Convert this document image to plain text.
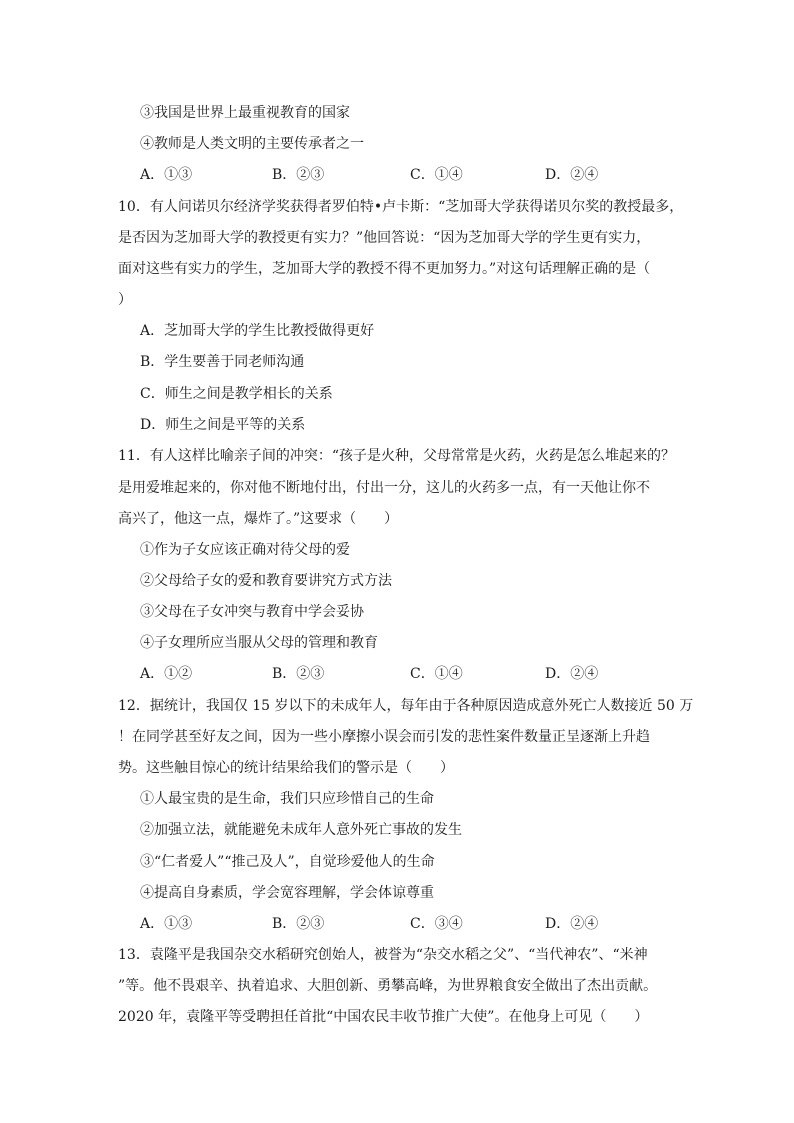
③我国是世界上最重视教育的国家
④教师是人类文明的主要传承者之一
A．①③	B．②③	C．①④	D．②④
10．有人问诺贝尔经济学奖获得者罗伯特•卢卡斯：“芝加哥大学获得诺贝尔奖的教授最多，
是否因为芝加哥大学的教授更有实力？”他回答说：“因为芝加哥大学的学生更有实力，
面对这些有实力的学生，芝加哥大学的教授不得不更加努力。”对这句话理解正确的是（
）
A．芝加哥大学的学生比教授做得更好
B．学生要善于同老师沟通
C．师生之间是教学相长的关系
D．师生之间是平等的关系
11．有人这样比喻亲子间的冲突：“孩子是火种，父母常常是火药，火药是怎么堆起来的？
是用爱堆起来的，你对他不断地付出，付出一分，这儿的火药多一点，有一天他让你不
高兴了，他这一点，爆炸了。”这要求（　　）
①作为子女应该正确对待父母的爱
②父母给子女的爱和教育要讲究方式方法
③父母在子女冲突与教育中学会妥协
④子女理所应当服从父母的管理和教育
A．①②	B．②③	C．①④	D．②④
12．据统计，我国仅 15 岁以下的未成年人，每年由于各种原因造成意外死亡人数接近 50 万
！在同学甚至好友之间，因为一些小摩擦小误会而引发的悲性案件数量正呈逐渐上升趋
势。这些触目惊心的统计结果给我们的警示是（　　）
①人最宝贵的是生命，我们只应珍惜自己的生命
②加强立法，就能避免未成年人意外死亡事故的发生
③“仁者爱人”“推己及人”，自觉珍爱他人的生命
④提高自身素质，学会宽容理解，学会体谅尊重
A．①③	B．②③	C．③④	D．②④
13．袁隆平是我国杂交水稻研究创始人，被誉为“杂交水稻之父”、“当代神农”、“米神
”等。他不畏艰辛、执着追求、大胆创新、勇攀高峰，为世界粮食安全做出了杰出贡献。
2020 年，袁隆平等受聘担任首批“中国农民丰收节推广大使”。在他身上可见（　　）
